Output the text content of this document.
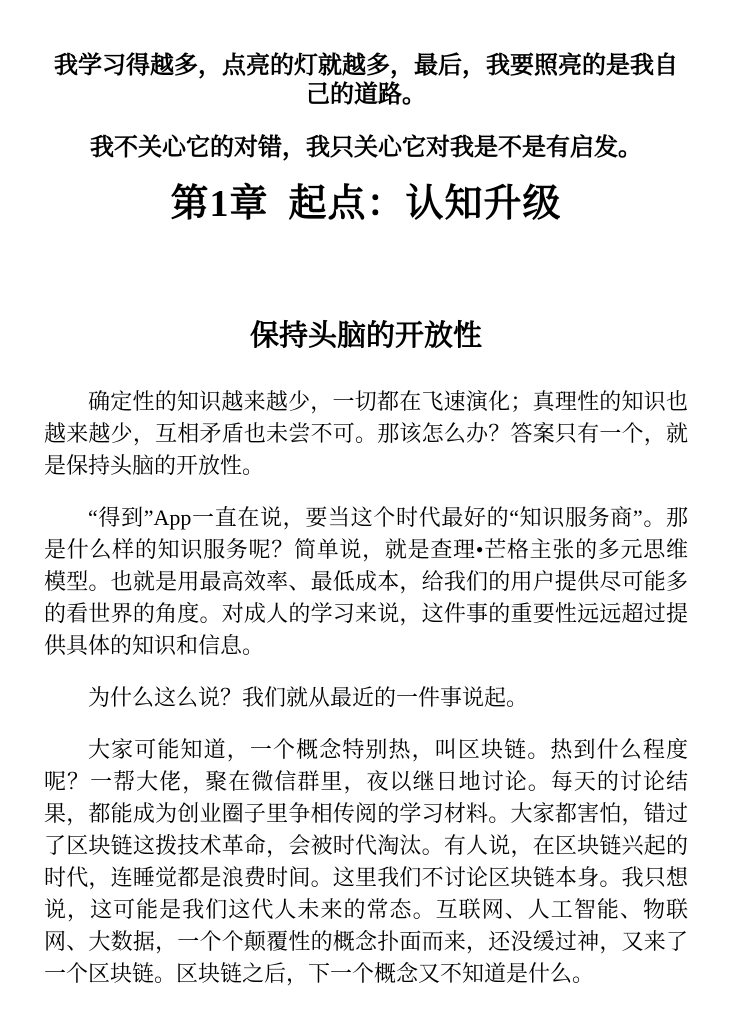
我学习得越多，点亮的灯就越多，最后，我要照亮的是我自己的道路。

我不关心它的对错，我只关心它对我是不是有启发。

第1章 起点：认知升级
保持头脑的开放性

确定性的知识越来越少，一切都在飞速演化；真理性的知识也越来越少，互相矛盾也未尝不可。那该怎么办？答案只有一个，就是保持头脑的开放性。

“得到”App一直在说，要当这个时代最好的“知识服务商”。那是什么样的知识服务呢？简单说，就是查理•芒格主张的多元思维模型。也就是用最高效率、最低成本，给我们的用户提供尽可能多的看世界的角度。对成人的学习来说，这件事的重要性远远超过提供具体的知识和信息。

为什么这么说？我们就从最近的一件事说起。

大家可能知道，一个概念特别热，叫区块链。热到什么程度呢？一帮大佬，聚在微信群里，夜以继日地讨论。每天的讨论结果，都能成为创业圈子里争相传阅的学习材料。大家都害怕，错过了区块链这拨技术革命，会被时代淘汰。有人说，在区块链兴起的时代，连睡觉都是浪费时间。这里我们不讨论区块链本身。我只想说，这可能是我们这代人未来的常态。互联网、人工智能、物联网、大数据，一个个颠覆性的概念扑面而来，还没缓过神，又来了一个区块链。区块链之后，下一个概念又不知道是什么。
